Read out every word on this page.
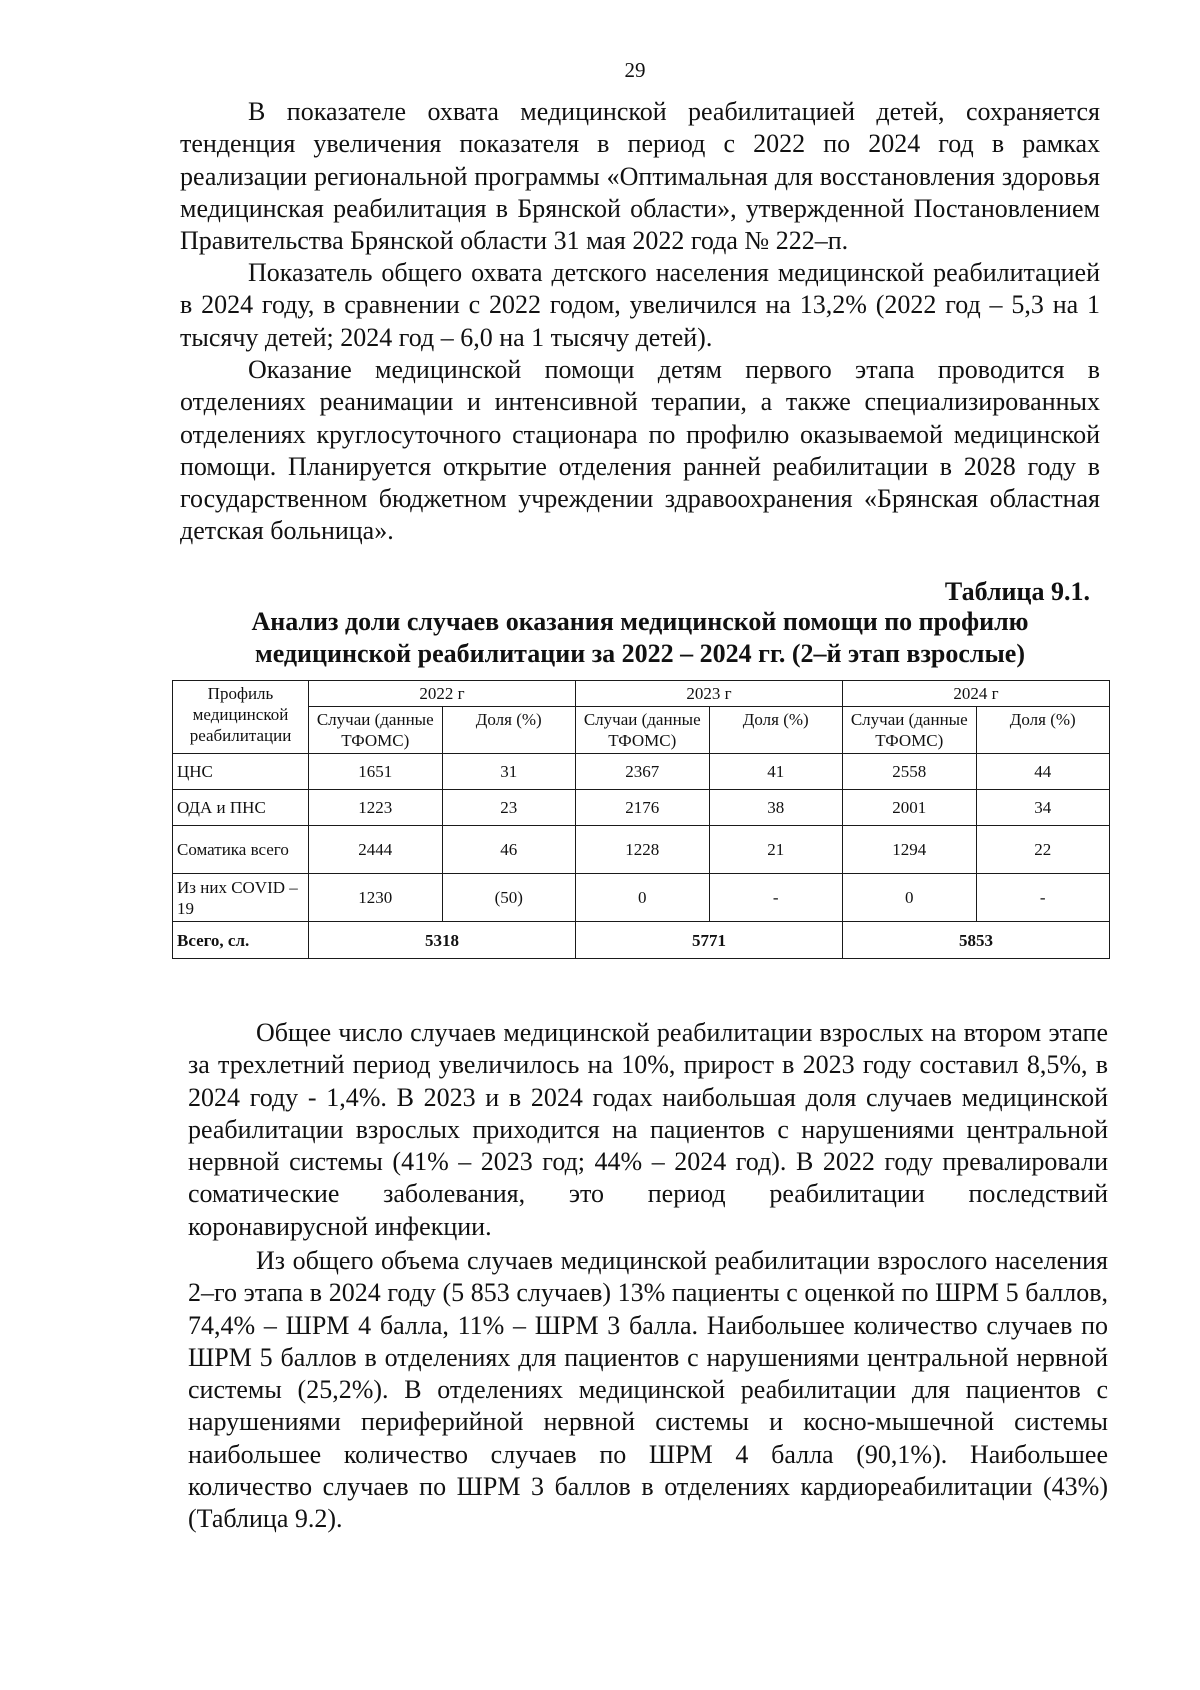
29

В показателе охвата медицинской реабилитацией детей, сохраняется тенденция увеличения показателя в период с 2022 по 2024 год в рамках реализации региональной программы «Оптимальная для восстановления здоровья медицинская реабилитация в Брянской области», утвержденной Постановлением Правительства Брянской области 31 мая 2022 года № 222–п.

Показатель общего охвата детского населения медицинской реабилитацией в 2024 году, в сравнении с 2022 годом, увеличился на 13,2% (2022 год – 5,3 на 1 тысячу детей; 2024 год – 6,0 на 1 тысячу детей).

Оказание медицинской помощи детям первого этапа проводится в отделениях реанимации и интенсивной терапии, а также специализированных отделениях круглосуточного стационара по профилю оказываемой медицинской помощи. Планируется открытие отделения ранней реабилитации в 2028 году в государственном бюджетном учреждении здравоохранения «Брянская областная детская больница».

Таблица 9.1.

Анализ доли случаев оказания медицинской помощи по профилю медицинской реабилитации за 2022 – 2024 гг. (2–й этап взрослые)

Профиль медицинской реабилитации	2022 г		2023 г		2024 г	
	Случаи (данные ТФОМС)	Доля (%)	Случаи (данные ТФОМС)	Доля (%)	Случаи (данные ТФОМС)	Доля (%)
ЦНС	1651	31	2367	41	2558	44
ОДА и ПНС	1223	23	2176	38	2001	34
Соматика всего	2444	46	1228	21	1294	22
Из них COVID –19	1230	(50)	0	-	0	-
Всего, сл.	5318		5771		5853	

Общее число случаев медицинской реабилитации взрослых на втором этапе за трехлетний период увеличилось на 10%, прирост в 2023 году составил 8,5%, в 2024 году - 1,4%. В 2023 и в 2024 годах наибольшая доля случаев медицинской реабилитации взрослых приходится на пациентов с нарушениями центральной нервной системы (41% – 2023 год; 44% – 2024 год). В 2022 году превалировали соматические заболевания, это период реабилитации последствий коронавирусной инфекции.

Из общего объема случаев медицинской реабилитации взрослого населения 2–го этапа в 2024 году (5 853 случаев) 13% пациенты с оценкой по ШРМ 5 баллов, 74,4% – ШРМ 4 балла, 11% – ШРМ 3 балла. Наибольшее количество случаев по ШРМ 5 баллов в отделениях для пациентов с нарушениями центральной нервной системы (25,2%). В отделениях медицинской реабилитации для пациентов с нарушениями периферийной нервной системы и косно-мышечной системы наибольшее количество случаев по ШРМ 4 балла (90,1%). Наибольшее количество случаев по ШРМ 3 баллов в отделениях кардиореабилитации (43%) (Таблица 9.2).
